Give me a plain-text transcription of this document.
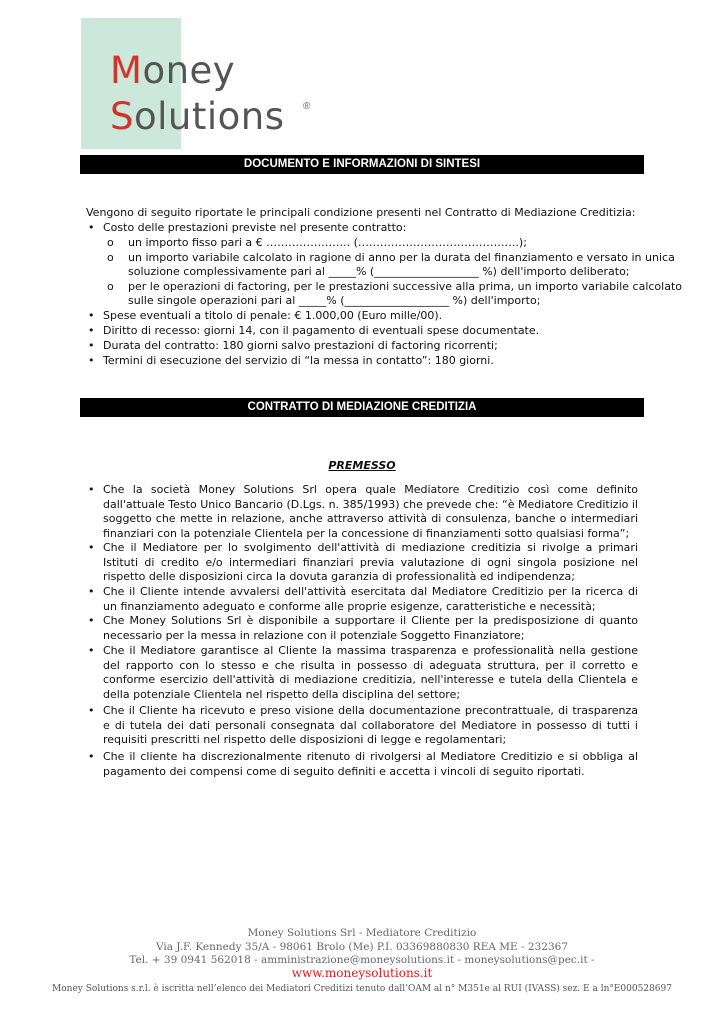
Money
Solutions ®
DOCUMENTO E INFORMAZIONI DI SINTESI
Vengono di seguito riportate le principali condizione presenti nel Contratto di Mediazione Creditizia:
• Costo delle prestazioni previste nel presente contratto:
o un importo fisso pari a € ………………….. (……………………………………..);
o un importo variabile calcolato in ragione di anno per la durata del finanziamento e versato in unica
soluzione complessivamente pari al _____% (___________________ %) dell'importo deliberato;
o per le operazioni di factoring, per le prestazioni successive alla prima, un importo variabile calcolato
sulle singole operazioni pari al _____% (___________________ %) dell'importo;
• Spese eventuali a titolo di penale: € 1.000,00 (Euro mille/00).
• Diritto di recesso: giorni 14, con il pagamento di eventuali spese documentate.
• Durata del contratto: 180 giorni salvo prestazioni di factoring ricorrenti;
• Termini di esecuzione del servizio di “la messa in contatto”: 180 giorni.
CONTRATTO DI MEDIAZIONE CREDITIZIA
PREMESSO
• Che la società Money Solutions Srl opera quale Mediatore Creditizio così come definito dall'attuale Testo Unico Bancario (D.Lgs. n. 385/1993) che prevede che: “è Mediatore Creditizio il soggetto che mette in relazione, anche attraverso attività di consulenza, banche o intermediari finanziari con la potenziale Clientela per la concessione di finanziamenti sotto qualsiasi forma”;
• Che il Mediatore per lo svolgimento dell'attività di mediazione creditizia si rivolge a primari Istituti di credito e/o intermediari finanziari previa valutazione di ogni singola posizione nel rispetto delle disposizioni circa la dovuta garanzia di professionalità ed indipendenza;
• Che il Cliente intende avvalersi dell'attività esercitata dal Mediatore Creditizio per la ricerca di un finanziamento adeguato e conforme alle proprie esigenze, caratteristiche e necessità;
• Che Money Solutions Srl è disponibile a supportare il Cliente per la predisposizione di quanto necessario per la messa in relazione con il potenziale Soggetto Finanziatore;
• Che il Mediatore garantisce al Cliente la massima trasparenza e professionalità nella gestione del rapporto con lo stesso e che risulta in possesso di adeguata struttura, per il corretto e conforme esercizio dell'attività di mediazione creditizia, nell'interesse e tutela della Clientela e della potenziale Clientela nel rispetto della disciplina del settore;
• Che il Cliente ha ricevuto e preso visione della documentazione precontrattuale, di trasparenza e di tutela dei dati personali consegnata dal collaboratore del Mediatore in possesso di tutti i requisiti prescritti nel rispetto delle disposizioni di legge e regolamentari;
• Che il cliente ha discrezionalmente ritenuto di rivolgersi al Mediatore Creditizio e si obbliga al pagamento dei compensi come di seguito definiti e accetta i vincoli di seguito riportati.
Money Solutions Srl - Mediatore Creditizio
Via J.F. Kennedy 35/A - 98061 Brolo (Me) P.I. 03369880830 REA ME - 232367
Tel. + 39 0941 562018 - amministrazione@moneysolutions.it - moneysolutions@pec.it -
www.moneysolutions.it
Money Solutions s.r.l. è iscritta nell’elenco dei Mediatori Creditizi tenuto dall’OAM al n° M351e al RUI (IVASS) sez. E a ln°E000528697
